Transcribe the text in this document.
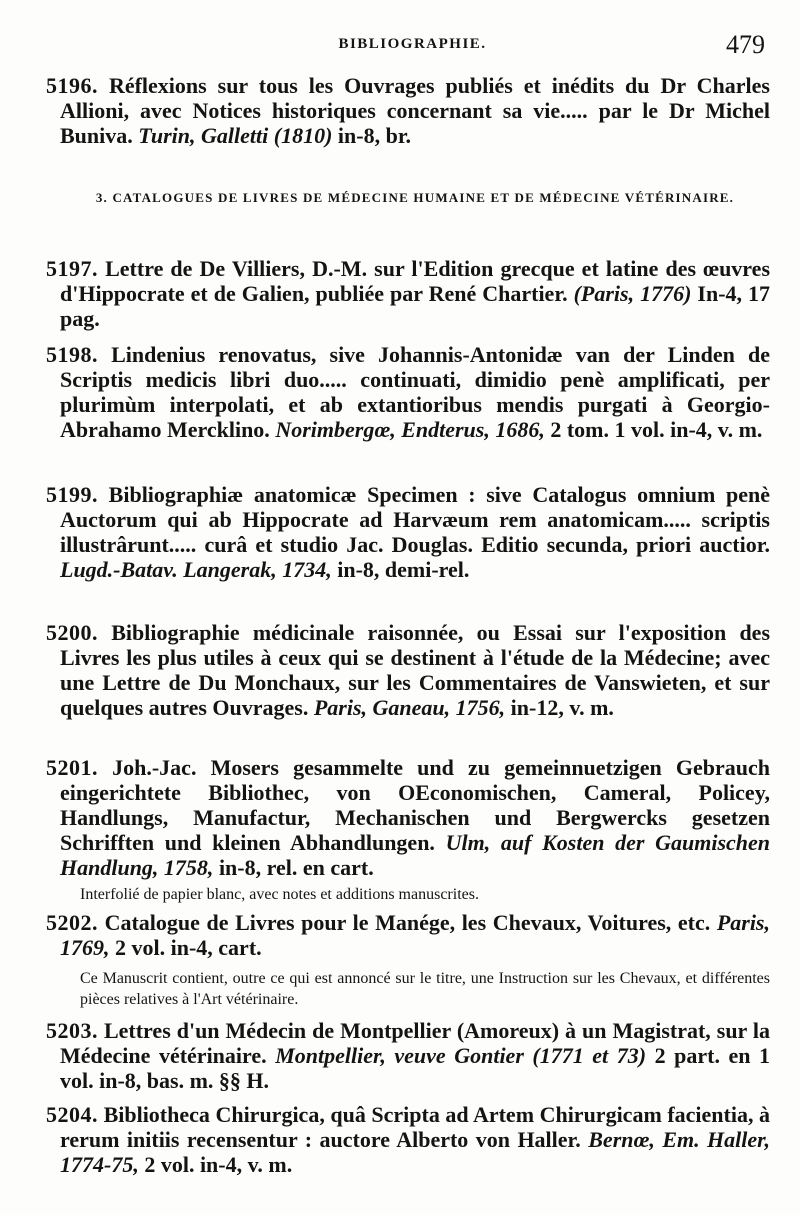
BIBLIOGRAPHIE.	479
5196. Réflexions sur tous les Ouvrages publiés et inédits du Dr Charles Allioni, avec Notices historiques concernant sa vie..... par le Dr Michel Buniva. Turin, Galletti (1810) in-8, br.
3. CATALOGUES DE LIVRES DE MÉDECINE HUMAINE ET DE MÉDECINE VÉTÉRINAIRE.
5197. Lettre de De Villiers, D.-M. sur l'Edition grecque et latine des œuvres d'Hippocrate et de Galien, publiée par René Chartier. (Paris, 1776) In-4, 17 pag.
5198. Lindenius renovatus, sive Johannis-Antonidæ van der Linden de Scriptis medicis libri duo..... continuati, dimidio penè amplificati, per plurimùm interpolati, et ab extantioribus mendis purgati à Georgio-Abrahamo Mercklino. Norimbergœ, Endterus, 1686, 2 tom. 1 vol. in-4, v. m.
5199. Bibliographiæ anatomicæ Specimen : sive Catalogus omnium penè Auctorum qui ab Hippocrate ad Harvæum rem anatomicam..... scriptis illustrârunt..... curâ et studio Jac. Douglas. Editio secunda, priori auctior. Lugd.-Batav. Langerak, 1734, in-8, demi-rel.
5200. Bibliographie médicinale raisonnée, ou Essai sur l'exposition des Livres les plus utiles à ceux qui se destinent à l'étude de la Médecine; avec une Lettre de Du Monchaux, sur les Commentaires de Vanswieten, et sur quelques autres Ouvrages. Paris, Ganeau, 1756, in-12, v. m.
5201. Joh.-Jac. Mosers gesammelte und zu gemeinnuetzigen Gebrauch eingerichtete Bibliothec, von OEconomischen, Cameral, Policey, Handlungs, Manufactur, Mechanischen und Bergwercks gesetzen Schrifften und kleinen Abhandlungen. Ulm, auf Kosten der Gaumischen Handlung, 1758, in-8, rel. en cart.
Interfolié de papier blanc, avec notes et additions manuscrites.
5202. Catalogue de Livres pour le Manége, les Chevaux, Voitures, etc. Paris, 1769, 2 vol. in-4, cart.
Ce Manuscrit contient, outre ce qui est annoncé sur le titre, une Instruction sur les Chevaux, et différentes pièces relatives à l'Art vétérinaire.
5203. Lettres d'un Médecin de Montpellier (Amoreux) à un Magistrat, sur la Médecine vétérinaire. Montpellier, veuve Gontier (1771 et 73) 2 part. en 1 vol. in-8, bas. m. §§ H.
5204. Bibliotheca Chirurgica, quâ Scripta ad Artem Chirurgicam facientia, à rerum initiis recensentur : auctore Alberto von Haller. Bernœ, Em. Haller, 1774-75, 2 vol. in-4, v. m.
